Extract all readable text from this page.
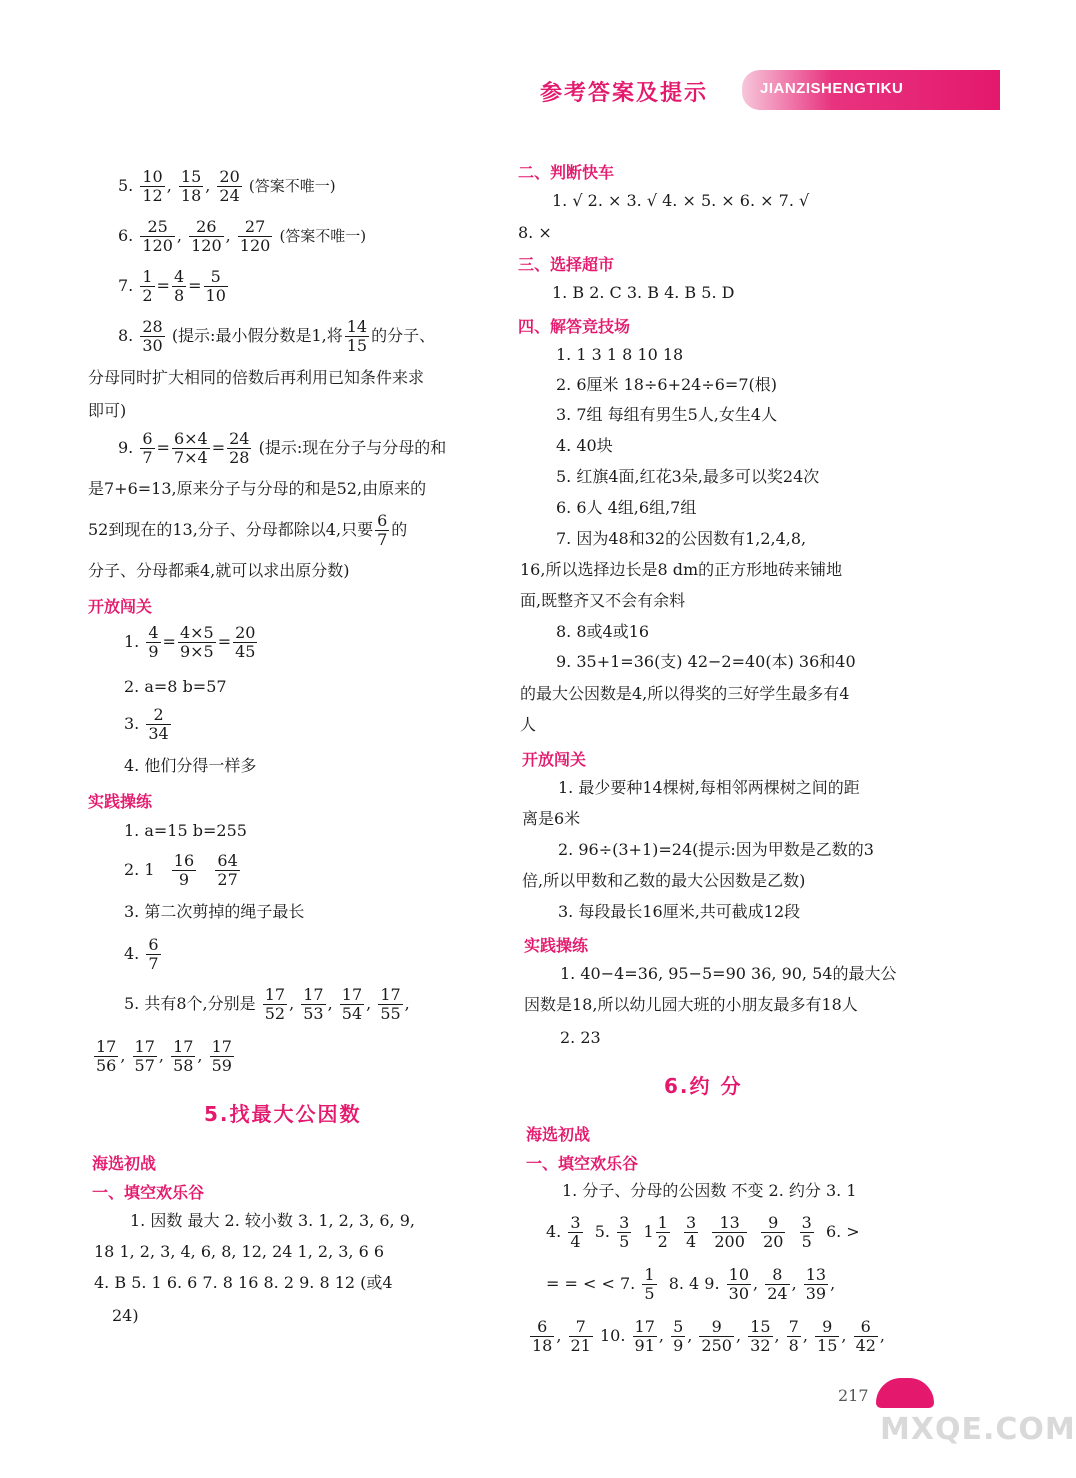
参考答案及提示	JIANZISHENGTIKU
5. $\frac{10}{12}$ , $\frac{15}{18}$ , $\frac{20}{24}$ (答案不唯一)
6. $\frac{25}{120}$ , $\frac{26}{120}$ , $\frac{27}{120}$ (答案不唯一)
7. $\frac{1}{2} = \frac{4}{8} = \frac{5}{10}$
8. $\frac{28}{30}$ (提示:最小假分数是1,将 $\frac{14}{15}$ 的分子、
分母同时扩大相同的倍数后再利用已知条件来求
即可)
9. $\frac{6}{7} = \frac{6\times 4}{7\times 4} = \frac{24}{28}$ (提示:现在分子与分母的和
是7+6=13,原来分子与分母的和是52,由原来的
52到现在的13,分子、分母都除以4,只要 $\frac{6}{7}$ 的
分子、分母都乘4,就可以求出原分数)
开放闯关
1. $\frac{4}{9} = \frac{4\times 5}{9\times 5} = \frac{20}{45}$
2. a=8 b=57
3. $\frac{2}{34}$
4. 他们分得一样多
实践操练
1. a=15 b=255
2. $1 \frac{16}{9}$
$\frac{64}{27}$
3. 第二次剪掉的绳子最长
4. $\frac{6}{7}$
5. 共有8个,分别是 $\frac{17}{52}$ , $\frac{17}{53}$ , $\frac{17}{54}$ , $\frac{17}{55}$ ,
$\frac{17}{56}$ , $\frac{17}{57}$ , $\frac{17}{58}$ , $\frac{17}{59}$
5.找最大公因数
海选初战
一、填空欢乐谷
1. 因数 最大 2. 较小数 3. 1, 2, 3, 6, 9,
18 1, 2, 3, 4, 6, 8, 12, 24 1, 2, 3, 6 6
4. B 5. 1 6. 6 7. 8 16 8. 2 9. 8 12 (或4
24)
二、判断快车
1. √ 2. × 3. √ 4. × 5. × 6. × 7. √
8. ×
三、选择超市
1. B 2. C 3. B 4. B 5. D
四、解答竞技场
1. 1 3 1 8 10 18
2. 6厘米 18÷6+24÷6=7(根)
3. 7组 每组有男生5人,女生4人
4. 40块
5. 红旗4面,红花3朵,最多可以奖24次
6. 6人 4组,6组,7组
7. 因为48和32的公因数有1,2,4,8,
16,所以选择边长是8 dm的正方形地砖来铺地
面,既整齐又不会有余料
8. 8或4或16
9. 35+1=36(支) 42−2=40(本) 36和40
的最大公因数是4,所以得奖的三好学生最多有4
人
开放闯关
1. 最少要种14棵树,每相邻两棵树之间的距
离是6米
2. 96÷(3+1)=24(提示:因为甲数是乙数的3
倍,所以甲数和乙数的最大公因数是乙数)
3. 每段最长16厘米,共可截成12段
实践操练
1. 40−4=36, 95−5=90 36, 90, 54的最大公
因数是18,所以幼儿园大班的小朋友最多有18人
2. 23
6.约 分
海选初战
一、填空欢乐谷
1. 分子、分母的公因数 不变 2. 约分 3. 1
4. $\frac{3}{4} 5$. $\frac{3}{5} 1 \frac{1}{2}$
$\frac{3}{4}$
$\frac{13}{200}$
$\frac{9}{20}$
$\frac{3}{5} 6$. >
= = < < 7. $\frac{1}{5} 8$. 4 9. $\frac{10}{30}$ , $\frac{8}{24}$ , $\frac{13}{39}$ ,
$\frac{6}{18}$ , $\frac{7}{21} 10$. $\frac{17}{91}$ , $\frac{5}{9}$ , $\frac{9}{250}$ , $\frac{15}{32}$ , $\frac{7}{8}$ , $\frac{9}{15}$ , $\frac{6}{42}$ ,
217
MXQE.COM
